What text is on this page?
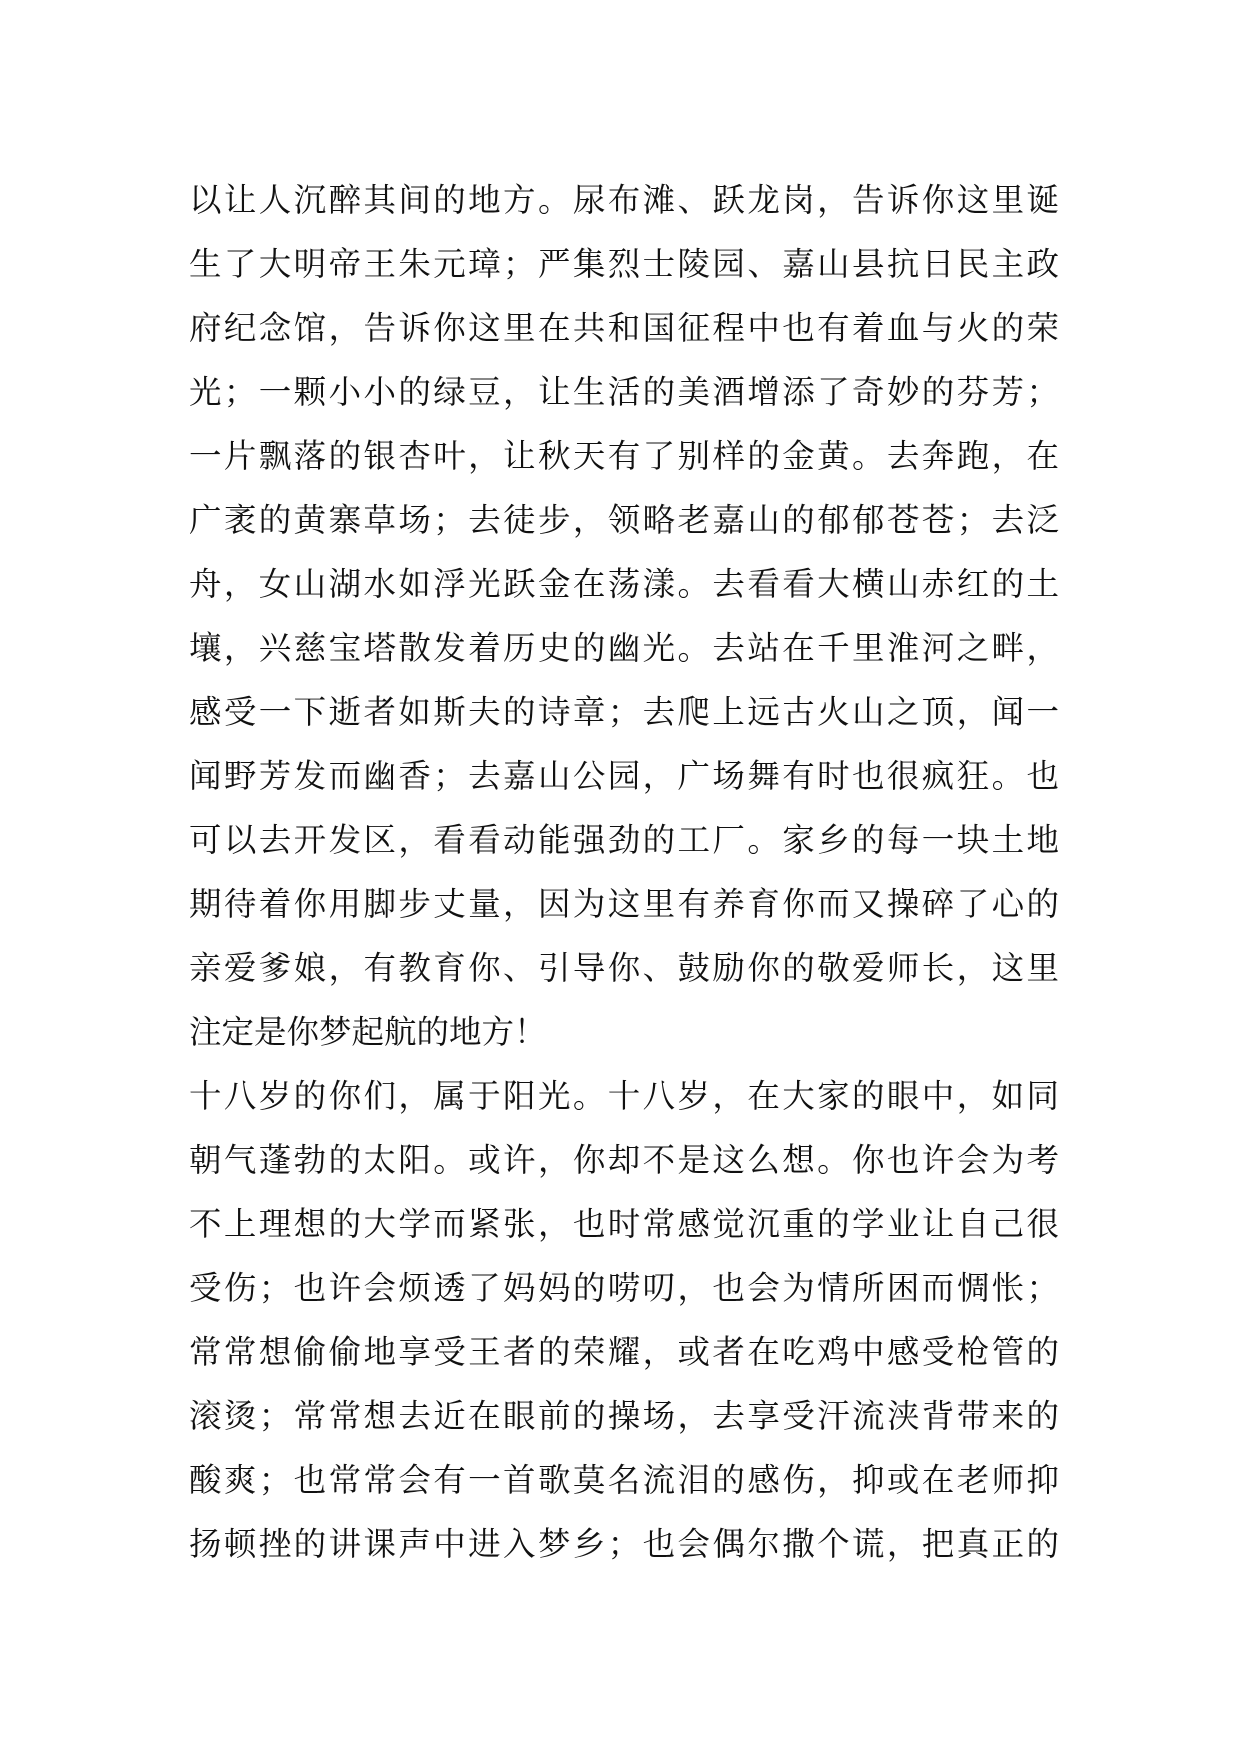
以让人沉醉其间的地方。尿布滩、跃龙岗，告诉你这里诞
生了大明帝王朱元璋；严集烈士陵园、嘉山县抗日民主政
府纪念馆，告诉你这里在共和国征程中也有着血与火的荣
光；一颗小小的绿豆，让生活的美酒增添了奇妙的芬芳；
一片飘落的银杏叶，让秋天有了别样的金黄。去奔跑，在
广袤的黄寨草场；去徒步，领略老嘉山的郁郁苍苍；去泛
舟，女山湖水如浮光跃金在荡漾。去看看大横山赤红的土
壤，兴慈宝塔散发着历史的幽光。去站在千里淮河之畔，
感受一下逝者如斯夫的诗章；去爬上远古火山之顶，闻一
闻野芳发而幽香；去嘉山公园，广场舞有时也很疯狂。也
可以去开发区，看看动能强劲的工厂。家乡的每一块土地
期待着你用脚步丈量，因为这里有养育你而又操碎了心的
亲爱爹娘，有教育你、引导你、鼓励你的敬爱师长，这里
注定是你梦起航的地方！
十八岁的你们，属于阳光。十八岁，在大家的眼中，如同
朝气蓬勃的太阳。或许，你却不是这么想。你也许会为考
不上理想的大学而紧张，也时常感觉沉重的学业让自己很
受伤；也许会烦透了妈妈的唠叨，也会为情所困而惆怅；
常常想偷偷地享受王者的荣耀，或者在吃鸡中感受枪管的
滚烫；常常想去近在眼前的操场，去享受汗流浃背带来的
酸爽；也常常会有一首歌莫名流泪的感伤，抑或在老师抑
扬顿挫的讲课声中进入梦乡；也会偶尔撒个谎，把真正的
